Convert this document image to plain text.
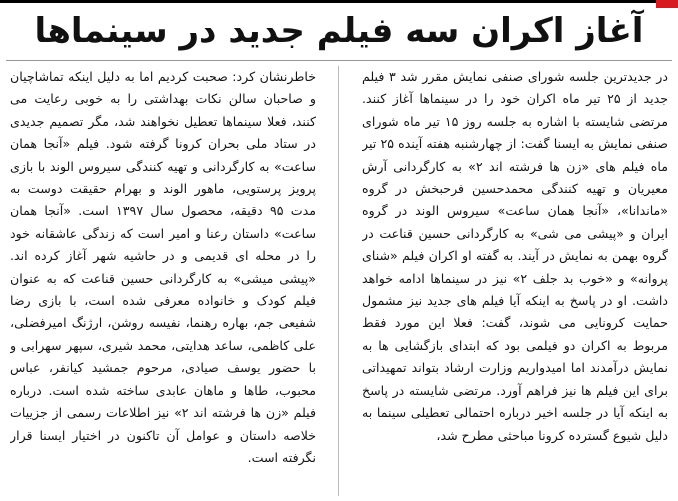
آغاز اکران سه فیلم جدید در سینماها

در جدیدترین جلسه شورای صنفی نمایش مقرر شد ۳ فیلم جدید از ۲۵ تیر ماه اکران خود را در سینماها آغاز کنند. مرتضی شایسته با اشاره به جلسه روز ۱۵ تیر ماه شورای صنفی نمایش به ایسنا گفت: از چهارشنبه هفته آینده ۲۵ تیر ماه فیلم های «زن ها فرشته اند ۲» به کارگردانی آرش معیریان و تهیه کنندگی محمدحسین فرحبخش در گروه «ماندانا»، «آنجا همان ساعت» سیروس الوند در گروه ایران و «پیشی می شی» به کارگردانی حسین قناعت در گروه بهمن به نمایش در آیند. به گفته او اکران فیلم «شنای پروانه» و «خوب بد جلف ۲» نیز در سینماها ادامه خواهد داشت. او در پاسخ به اینکه آیا فیلم های جدید نیز مشمول حمایت کرونایی می شوند، گفت: فعلا این مورد فقط مربوط به اکران دو فیلمی بود که ابتدای بازگشایی ها به نمایش درآمدند اما امیدواریم وزارت ارشاد بتواند تمهیداتی برای این فیلم ها نیز فراهم آورد. مرتضی شایسته در پاسخ به اینکه آیا در جلسه اخیر درباره احتمالی تعطیلی سینما به دلیل شیوع گسترده کرونا مباحثی مطرح شد،

خاطرنشان کرد: صحبت کردیم اما به دلیل اینکه تماشاچیان و صاحبان سالن نکات بهداشتی را به خوبی رعایت می کنند، فعلا سینماها تعطیل نخواهند شد، مگر تصمیم جدیدی در ستاد ملی بحران کرونا گرفته شود. فیلم «آنجا همان ساعت» به کارگردانی و تهیه کنندگی سیروس الوند با بازی پرویز پرستویی، ماهور الوند و بهرام حقیقت دوست به مدت ۹۵ دقیقه، محصول سال ۱۳۹۷ است. «آنجا همان ساعت» داستان رعنا و امیر است که زندگی عاشقانه خود را در محله ای قدیمی و در حاشیه شهر آغاز کرده اند. «پیشی میشی» به کارگردانی حسین قناعت که به عنوان فیلم کودک و خانواده معرفی شده است، با بازی رضا شفیعی جم، بهاره رهنما، نفیسه روشن، ارژنگ امیرفضلی، علی کاظمی، ساعد هدایتی، محمد شیری، سپهر سهرابی و با حضور یوسف صیادی، مرحوم جمشید کیانفر، عباس محبوب، طاها و ماهان عابدی ساخته شده است. درباره فیلم «زن ها فرشته اند ۲» نیز اطلاعات رسمی از جزییات خلاصه داستان و عوامل آن تاکنون در اختیار ایسنا قرار نگرفته است.
